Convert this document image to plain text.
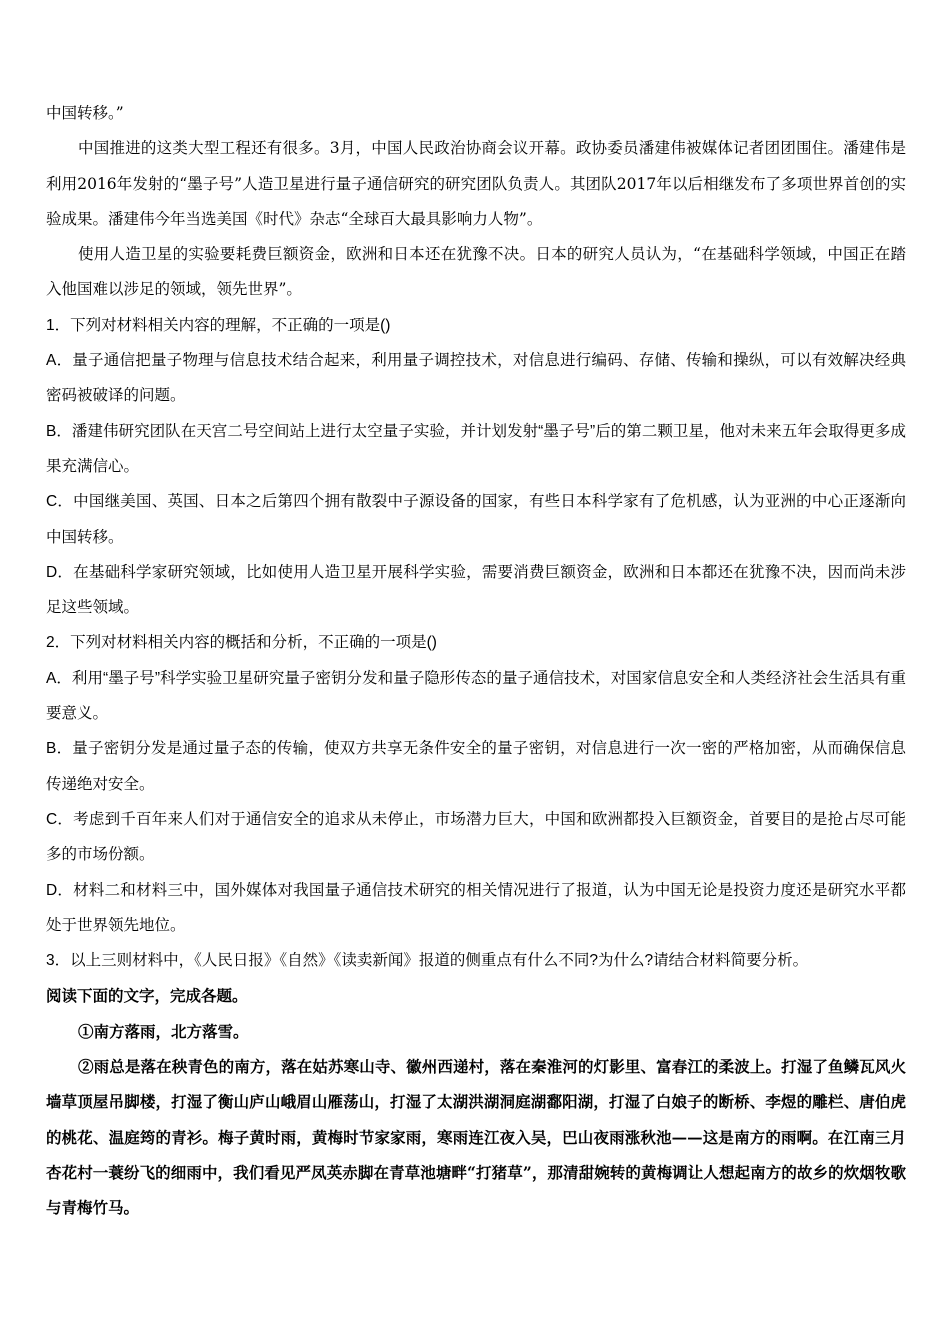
中国转移。”

中国推进的这类大型工程还有很多。3月，中国人民政治协商会议开幕。政协委员潘建伟被媒体记者团团围住。潘建伟是利用2016年发射的“墨子号”人造卫星进行量子通信研究的研究团队负责人。其团队2017年以后相继发布了多项世界首创的实验成果。潘建伟今年当选美国《时代》杂志“全球百大最具影响力人物”。

使用人造卫星的实验要耗费巨额资金，欧洲和日本还在犹豫不决。日本的研究人员认为，“在基础科学领域，中国正在踏入他国难以涉足的领域，领先世界”。

1．下列对材料相关内容的理解，不正确的一项是()

A．量子通信把量子物理与信息技术结合起来，利用量子调控技术，对信息进行编码、存储、传输和操纵，可以有效解决经典密码被破译的问题。

B．潘建伟研究团队在天宫二号空间站上进行太空量子实验，并计划发射“墨子号”后的第二颗卫星，他对未来五年会取得更多成果充满信心。

C．中国继美国、英国、日本之后第四个拥有散裂中子源设备的国家，有些日本科学家有了危机感，认为亚洲的中心正逐渐向中国转移。

D．在基础科学家研究领域，比如使用人造卫星开展科学实验，需要消费巨额资金，欧洲和日本都还在犹豫不决，因而尚未涉足这些领域。

2．下列对材料相关内容的概括和分析，不正确的一项是()

A．利用“墨子号”科学实验卫星研究量子密钥分发和量子隐形传态的量子通信技术，对国家信息安全和人类经济社会生活具有重要意义。

B．量子密钥分发是通过量子态的传输，使双方共享无条件安全的量子密钥，对信息进行一次一密的严格加密，从而确保信息传递绝对安全。

C．考虑到千百年来人们对于通信安全的追求从未停止，市场潜力巨大，中国和欧洲都投入巨额资金，首要目的是抢占尽可能多的市场份额。

D．材料二和材料三中，国外媒体对我国量子通信技术研究的相关情况进行了报道，认为中国无论是投资力度还是研究水平都处于世界领先地位。

3．以上三则材料中，《人民日报》《自然》《读卖新闻》报道的侧重点有什么不同?为什么?请结合材料简要分析。

阅读下面的文字，完成各题。

①南方落雨，北方落雪。

②雨总是落在秧青色的南方，落在姑苏寒山寺、徽州西递村，落在秦淮河的灯影里、富春江的柔波上。打湿了鱼鳞瓦风火墙草顶屋吊脚楼，打湿了衡山庐山峨眉山雁荡山，打湿了太湖洪湖洞庭湖鄱阳湖，打湿了白娘子的断桥、李煜的雕栏、唐伯虎的桃花、温庭筠的青衫。梅子黄时雨，黄梅时节家家雨，寒雨连江夜入吴，巴山夜雨涨秋池——这是南方的雨啊。在江南三月杏花村一蓑纷飞的细雨中，我们看见严凤英赤脚在青草池塘畔“打猪草”，那清甜婉转的黄梅调让人想起南方的故乡的炊烟牧歌与青梅竹马。
